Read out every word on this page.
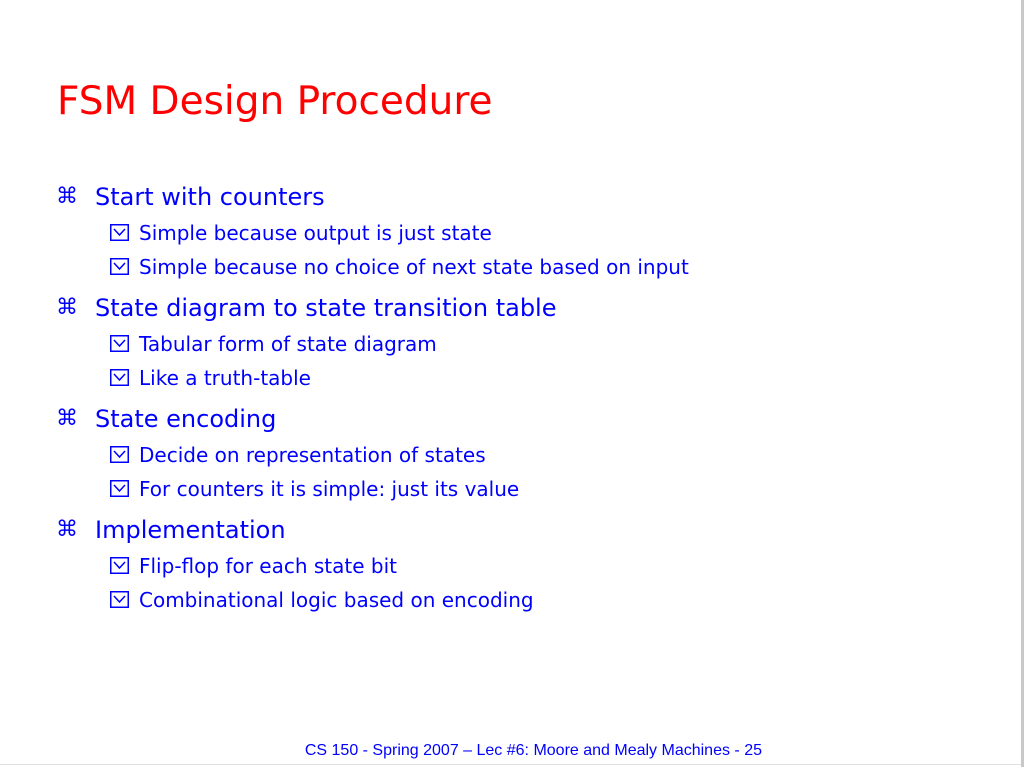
FSM Design Procedure
⌘ Start with counters
Simple because output is just state
Simple because no choice of next state based on input
⌘ State diagram to state transition table
Tabular form of state diagram
Like a truth-table
⌘ State encoding
Decide on representation of states
For counters it is simple: just its value
⌘ Implementation
Flip-flop for each state bit
Combinational logic based on encoding
CS 150 - Spring 2007 – Lec #6: Moore and Mealy Machines - 25
